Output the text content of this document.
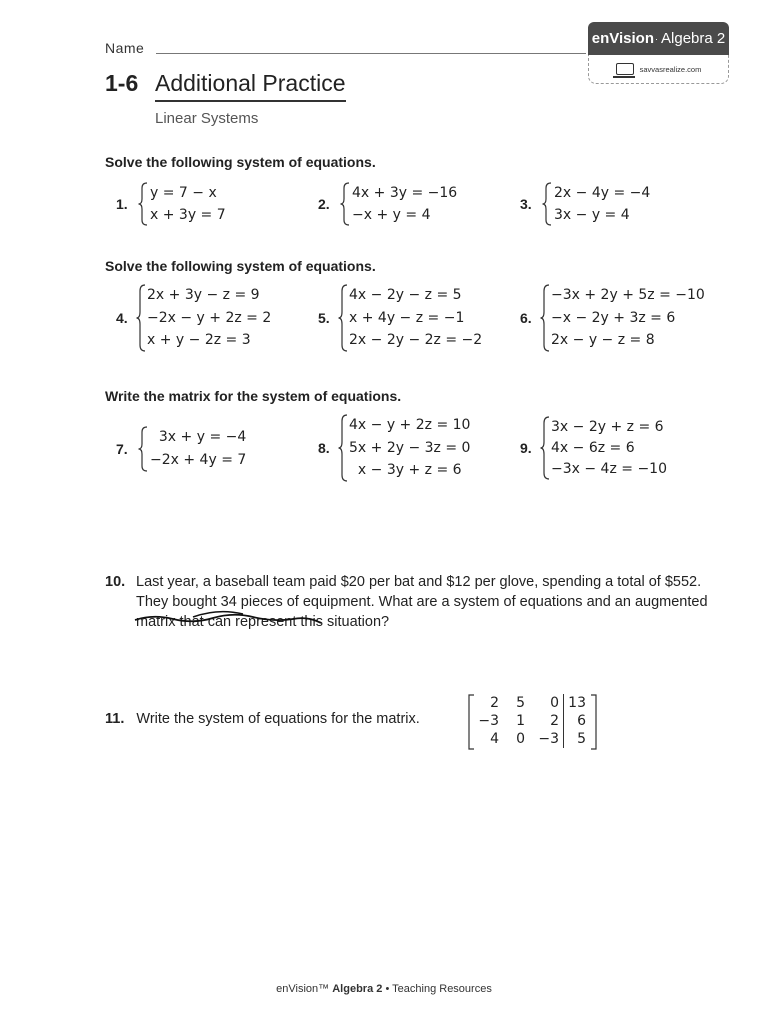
Name
en Vision · Algebra 2
savvasrealize.com
1-6 Additional Practice
Linear Systems
Solve the following system of equations.
1.
y = 7 − x
x + 3y = 7
2.
4x + 3y = −16
−x + y = 4
3.
2x − 4y = −4
3x − y = 4
Solve the following system of equations.
4.
2x + 3y − z = 9
−2x − y + 2z = 2
x + y − 2z = 3
5.
4x − 2y − z = 5
x + 4y − z = −1
2x − 2y − 2z = −2
6.
−3x + 2y + 5z = −10
−x − 2y + 3z = 6
2x − y − z = 8
Write the matrix for the system of equations.
7.
3x + y = −4
−2x + 4y = 7
8.
4x − y + 2z = 10
5x + 2y − 3z = 0
x − 3y + z = 6
9.
3x − 2y + z = 6
4x − 6z = 6
−3x − 4z = −10
10. Last year, a baseball team paid $20 per bat and $12 per glove, spending a total of $552. They bought 34 pieces of equipment. What are a system of equations and an augmented matrix that can represent this situation?
11. Write the system of equations for the matrix.
2	5	0	13
−3	1	2	6
4	0	−3	5
enVision™ Algebra 2 • Teaching Resources
